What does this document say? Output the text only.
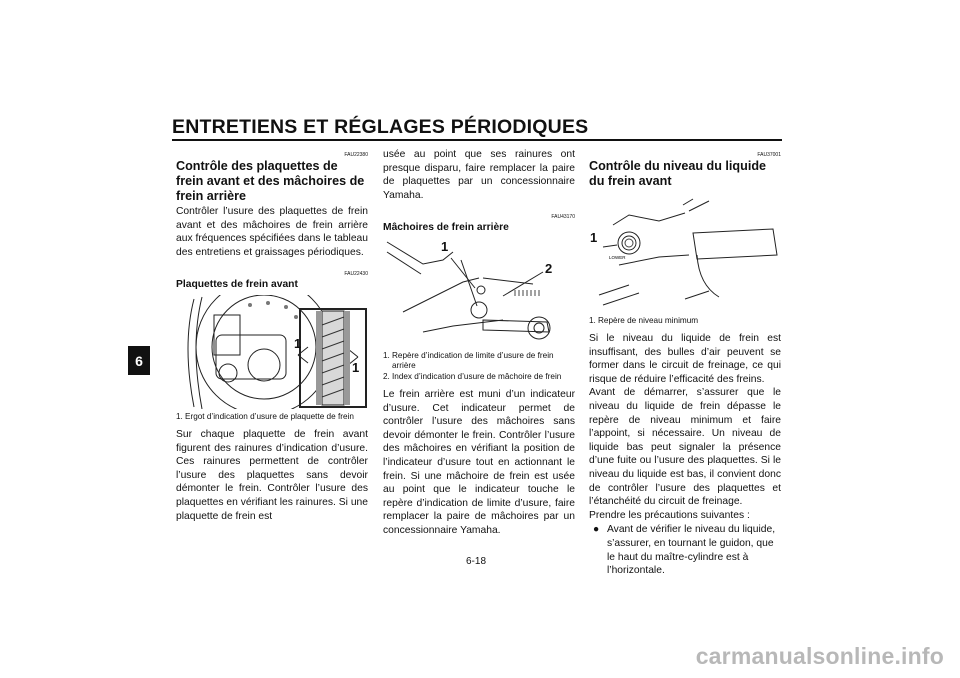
ENTRETIENS ET RÉGLAGES PÉRIODIQUES
6
FAU22380
Contrôle des plaquettes de frein avant et des mâchoires de frein arrière

Contrôler l’usure des plaquettes de frein avant et des mâchoires de frein arrière aux fréquences spécifiées dans le tableau des entretiens et graissages périodiques.

FAU22430
Plaquettes de frein avant
1
1
1. Ergot d’indication d’usure de plaquette de frein

Sur chaque plaquette de frein avant figurent des rainures d’indication d’usure. Ces rainures permettent de contrôler l’usure des plaquettes sans devoir démonter le frein. Contrôler l’usure des plaquettes en vérifiant les rainures. Si une plaquette de frein est

usée au point que ses rainures ont presque disparu, faire remplacer la paire de plaquettes par un concessionnaire Yamaha.

FAU43170
Mâchoires de frein arrière
1
2
1. Repère d’indication de limite d’usure de frein arrière
2. Index d’indication d’usure de mâchoire de frein

Le frein arrière est muni d’un indicateur d’usure. Cet indicateur permet de contrôler l’usure des mâchoires sans devoir démonter le frein. Contrôler l’usure des mâchoires en vérifiant la position de l’indicateur d’usure tout en actionnant le frein. Si une mâchoire de frein est usée au point que le indicateur touche le repère d’indication de limite d’usure, faire remplacer la paire de mâchoires par un concessionnaire Yamaha.

FAU37001
Contrôle du niveau du liquide du frein avant
LOWER
1
1. Repère de niveau minimum

Si le niveau du liquide de frein est insuffisant, des bulles d’air peuvent se former dans le circuit de freinage, ce qui risque de réduire l’efficacité des freins.

Avant de démarrer, s’assurer que le niveau du liquide de frein dépasse le repère de niveau minimum et faire l’appoint, si nécessaire. Un niveau de liquide bas peut signaler la présence d’une fuite ou l’usure des plaquettes. Si le niveau du liquide est bas, il convient donc de contrôler l’usure des plaquettes et l’étanchéité du circuit de freinage.

Prendre les précautions suivantes :

● Avant de vérifier le niveau du liquide, s’assurer, en tournant le guidon, que le haut du maître-cylindre est à l’horizontale.
6-18
carmanualsonline.info
